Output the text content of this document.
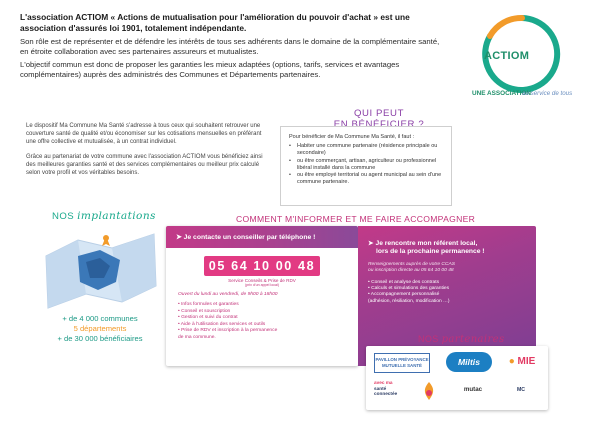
L'association ACTIOM « Actions de mutualisation pour l'amélioration du pouvoir d'achat » est une association d'assurés loi 1901, totalement indépendante.

Son rôle est de représenter et de défendre les intérêts de tous ses adhérents dans le domaine de la complémentaire santé, en étroite collaboration avec ses partenaires assureurs et mutualistes.

L'objectif commun est donc de proposer les garanties les mieux adaptées (options, tarifs, services et avantages complémentaires) auprès des administrés des Communes et Départements partenaires.

ACTIOM
UNE ASSOCIATION
au service de tous

Le dispositif Ma Commune Ma Santé s'adresse à tous ceux qui souhaitent retrouver une couverture santé de qualité et/ou économiser sur les cotisations mensuelles en préférant une offre collective et mutualisée, à un contrat individuel.

Grâce au partenariat de votre commune avec l'association ACTIOM vous bénéficiez ainsi des meilleures garanties santé et des services complémentaires ou meilleur prix calculé selon votre profil et vos véritables besoins.

QUI PEUT
EN BÉNÉFICIER ?
Pour bénéficier de Ma Commune Ma Santé, il faut :
• Habiter une commune partenaire (résidence principale ou secondaire)
• ou être commerçant, artisan, agriculteur ou professionnel libéral installé dans la commune
• ou être employé territorial ou agent municipal au sein d'une commune partenaire.
NOS implantations
+ de 4 000 communes
5 départements
+ de 30 000 bénéficiaires
COMMENT M'INFORMER ET ME FAIRE ACCOMPAGNER
➤ Je contacte un conseiller par téléphone !
05 64 10 00 48
Service Conseils & Prise de RDV
(prix d'un appel local)
Ouvert du lundi au vendredi, de 9h00 à 18h00
• Infos formules et garanties
• Conseil et souscription
• Gestion et suivi du contrat
• Aide à l'utilisation des services et outils
• Prise de RDV et inscription à la permanence
de ma commune.
➤ Je rencontre mon référent local,
lors de la prochaine permanence !
Renseignements auprès de votre CCAS
ou inscription directe au 05 64 10 00 48
• Conseil et analyse des contrats
• Calculs et simulations des garanties
• Accompagnement personnalisé
(adhésion, résiliation, modification …)
NOS partenaires
PAVILLON PRÉVOYANCE
MUTUELLE SANTÉ	Miltis	● MIE
avec ma
santé
connectée
mutac	MC
